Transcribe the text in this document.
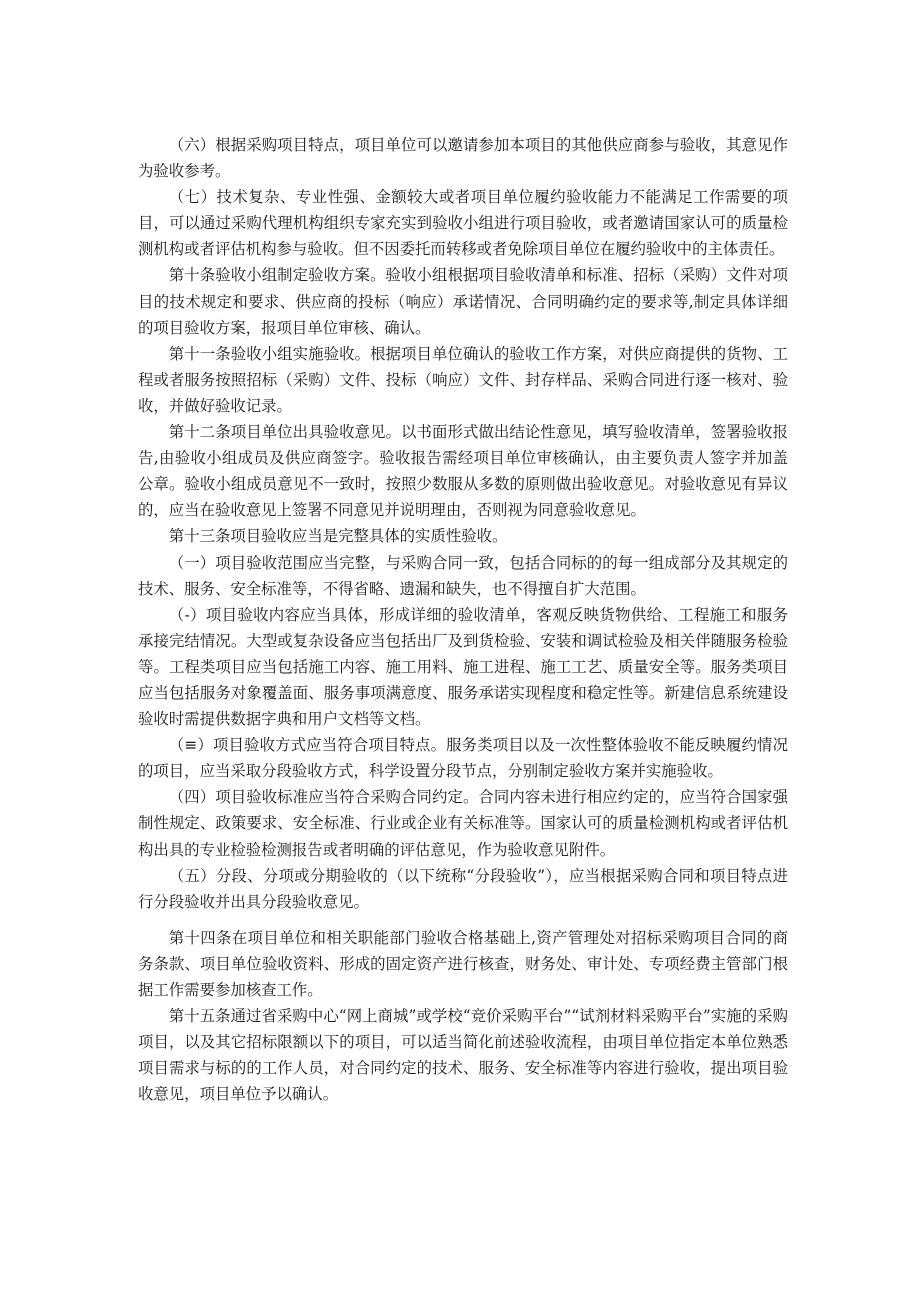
（六）根据采购项目特点，项目单位可以邀请参加本项目的其他供应商参与验收，其意见作为验收参考。

（七）技术复杂、专业性强、金额较大或者项目单位履约验收能力不能满足工作需要的项目，可以通过采购代理机构组织专家充实到验收小组进行项目验收，或者邀请国家认可的质量检测机构或者评估机构参与验收。但不因委托而转移或者免除项目单位在履约验收中的主体责任。

第十条验收小组制定验收方案。验收小组根据项目验收清单和标准、招标（采购）文件对项目的技术规定和要求、供应商的投标（响应）承诺情况、合同明确约定的要求等,制定具体详细的项目验收方案，报项目单位审核、确认。

第十一条验收小组实施验收。根据项目单位确认的验收工作方案，对供应商提供的货物、工程或者服务按照招标（采购）文件、投标（响应）文件、封存样品、采购合同进行逐一核对、验收，并做好验收记录。

第十二条项目单位出具验收意见。以书面形式做出结论性意见，填写验收清单，签署验收报告,由验收小组成员及供应商签字。验收报告需经项目单位审核确认，由主要负责人签字并加盖公章。验收小组成员意见不一致时，按照少数服从多数的原则做出验收意见。对验收意见有异议的，应当在验收意见上签署不同意见并说明理由，否则视为同意验收意见。

第十三条项目验收应当是完整具体的实质性验收。

（一）项目验收范围应当完整，与采购合同一致，包括合同标的的每一组成部分及其规定的技术、服务、安全标准等，不得省略、遗漏和缺失，也不得擅自扩大范围。

（-）项目验收内容应当具体，形成详细的验收清单，客观反映货物供给、工程施工和服务承接完结情况。大型或复杂设备应当包括出厂及到货检验、安装和调试检验及相关伴随服务检验等。工程类项目应当包括施工内容、施工用料、施工进程、施工工艺、质量安全等。服务类项目应当包括服务对象覆盖面、服务事项满意度、服务承诺实现程度和稳定性等。新建信息系统建设验收时需提供数据字典和用户文档等文档。

（≡）项目验收方式应当符合项目特点。服务类项目以及一次性整体验收不能反映履约情况的项目，应当采取分段验收方式，科学设置分段节点，分别制定验收方案并实施验收。

（四）项目验收标准应当符合采购合同约定。合同内容未进行相应约定的，应当符合国家强制性规定、政策要求、安全标准、行业或企业有关标准等。国家认可的质量检测机构或者评估机构出具的专业检验检测报告或者明确的评估意见，作为验收意见附件。

（五）分段、分项或分期验收的（以下统称“分段验收”），应当根据采购合同和项目特点进行分段验收并出具分段验收意见。

第十四条在项目单位和相关职能部门验收合格基础上,资产管理处对招标采购项目合同的商务条款、项目单位验收资料、形成的固定资产进行核查，财务处、审计处、专项经费主管部门根据工作需要参加核查工作。

第十五条通过省采购中心“网上商城”或学校“竞价采购平台”“试剂材料采购平台”实施的采购项目，以及其它招标限额以下的项目，可以适当简化前述验收流程，由项目单位指定本单位熟悉项目需求与标的的工作人员，对合同约定的技术、服务、安全标准等内容进行验收，提出项目验收意见，项目单位予以确认。
